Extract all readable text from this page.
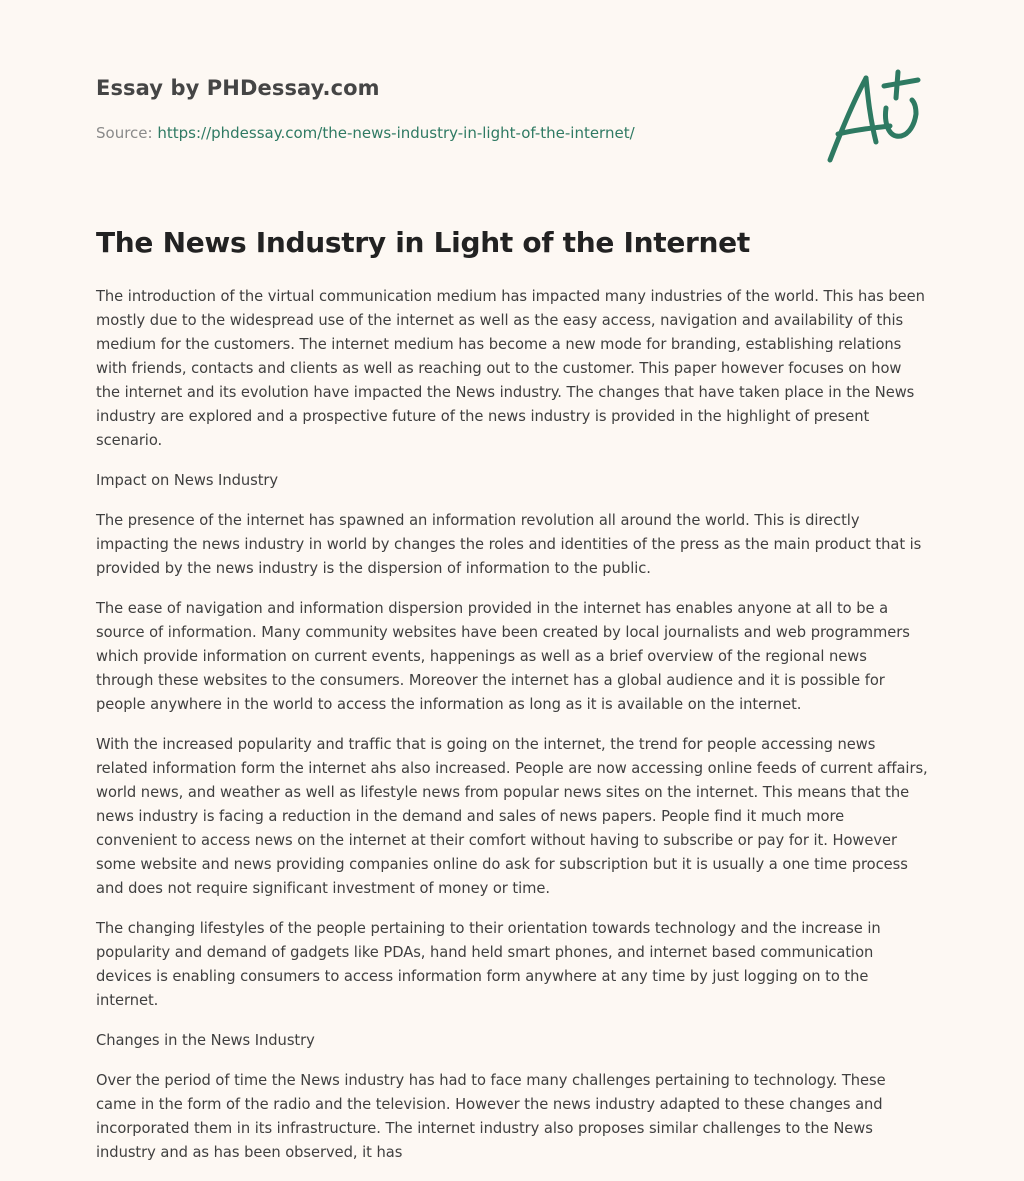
Essay by PHDessay.com
Source: https://phdessay.com/the-news-industry-in-light-of-the-internet/
The News Industry in Light of the Internet

The introduction of the virtual communication medium has impacted many industries of the world. This has been mostly due to the widespread use of the internet as well as the easy access, navigation and availability of this medium for the customers. The internet medium has become a new mode for branding, establishing relations with friends, contacts and clients as well as reaching out to the customer. This paper however focuses on how the internet and its evolution have impacted the News industry. The changes that have taken place in the News industry are explored and a prospective future of the news industry is provided in the highlight of present scenario.

Impact on News Industry

The presence of the internet has spawned an information revolution all around the world. This is directly impacting the news industry in world by changes the roles and identities of the press as the main product that is provided by the news industry is the dispersion of information to the public.

The ease of navigation and information dispersion provided in the internet has enables anyone at all to be a source of information. Many community websites have been created by local journalists and web programmers which provide information on current events, happenings as well as a brief overview of the regional news through these websites to the consumers. Moreover the internet has a global audience and it is possible for people anywhere in the world to access the information as long as it is available on the internet.

With the increased popularity and traffic that is going on the internet, the trend for people accessing news related information form the internet ahs also increased. People are now accessing online feeds of current affairs, world news, and weather as well as lifestyle news from popular news sites on the internet. This means that the news industry is facing a reduction in the demand and sales of news papers. People find it much more convenient to access news on the internet at their comfort without having to subscribe or pay for it. However some website and news providing companies online do ask for subscription but it is usually a one time process and does not require significant investment of money or time.

The changing lifestyles of the people pertaining to their orientation towards technology and the increase in popularity and demand of gadgets like PDAs, hand held smart phones, and internet based communication devices is enabling consumers to access information form anywhere at any time by just logging on to the internet.

Changes in the News Industry

Over the period of time the News industry has had to face many challenges pertaining to technology. These came in the form of the radio and the television. However the news industry adapted to these changes and incorporated them in its infrastructure. The internet industry also proposes similar challenges to the News industry and as has been observed, it has
